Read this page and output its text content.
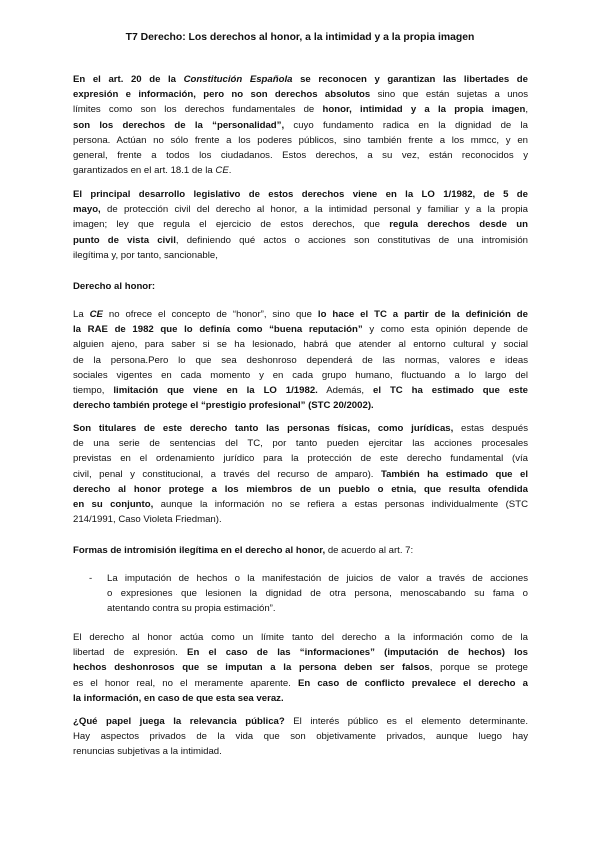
T7 Derecho: Los derechos al honor, a la intimidad y a la propia imagen
En el art. 20 de la Constitución Española se reconocen y garantizan las libertades de
expresión e información, pero no son derechos absolutos sino que están sujetas a unos
límites como son los derechos fundamentales de honor, intimidad y a la propia imagen,
son los derechos de la “personalidad”, cuyo fundamento radica en la dignidad de la
persona. Actúan no sólo frente a los poderes públicos, sino también frente a los mmcc, y en
general, frente a todos los ciudadanos. Estos derechos, a su vez, están reconocidos y
garantizados en el art. 18.1 de la CE.
El principal desarrollo legislativo de estos derechos viene en la LO 1/1982, de 5 de
mayo, de protección civil del derecho al honor, a la intimidad personal y familiar y a la propia
imagen; ley que regula el ejercicio de estos derechos, que regula derechos desde un
punto de vista civil, definiendo qué actos o acciones son constitutivas de una intromisión
ilegítima y, por tanto, sancionable,
Derecho al honor:
La CE no ofrece el concepto de “honor”, sino que lo hace el TC a partir de la definición de
la RAE de 1982 que lo definía como “buena reputación” y como esta opinión depende de
alguien ajeno, para saber si se ha lesionado, habrá que atender al entorno cultural y social
de la persona.Pero lo que sea deshonroso dependerá de las normas, valores e ideas
sociales vigentes en cada momento y en cada grupo humano, fluctuando a lo largo del
tiempo, limitación que viene en la LO 1/1982. Además, el TC ha estimado que este
derecho también protege el “prestigio profesional” (STC 20/2002).
Son titulares de este derecho tanto las personas físicas, como jurídicas, estas después
de una serie de sentencias del TC, por tanto pueden ejercitar las acciones procesales
previstas en el ordenamiento jurídico para la protección de este derecho fundamental (vía
civil, penal y constitucional, a través del recurso de amparo). También ha estimado que el
derecho al honor protege a los miembros de un pueblo o etnia, que resulta ofendida
en su conjunto, aunque la información no se refiera a estas personas individualmente (STC
214/1991, Caso Violeta Friedman).
Formas de intromisión ilegítima en el derecho al honor, de acuerdo al art. 7:
- La imputación de hechos o la manifestación de juicios de valor a través de acciones
o expresiones que lesionen la dignidad de otra persona, menoscabando su fama o
atentando contra su propia estimación”.
El derecho al honor actúa como un límite tanto del derecho a la información como de la
libertad de expresión. En el caso de las “informaciones” (imputación de hechos) los
hechos deshonrosos que se imputan a la persona deben ser falsos, porque se protege
es el honor real, no el meramente aparente. En caso de conflicto prevalece el derecho a
la información, en caso de que esta sea veraz.
¿Qué papel juega la relevancia pública? El interés público es el elemento determinante.
Hay aspectos privados de la vida que son objetivamente privados, aunque luego hay
renuncias subjetivas a la intimidad.
